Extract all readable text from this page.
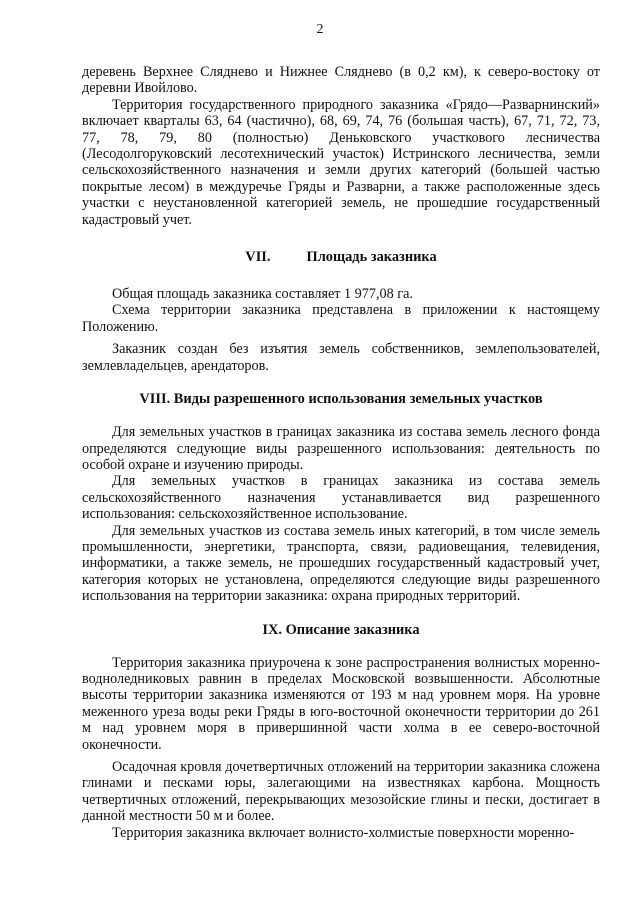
2

деревень Верхнее Сляднево и Нижнее Сляднево (в 0,2 км), к северо-востоку от деревни Ивойлово.

Территория государственного природного заказника «Грядо—Разварнинский» включает кварталы 63, 64 (частично), 68, 69, 74, 76 (большая часть), 67, 71, 72, 73, 77, 78, 79, 80 (полностью) Деньковского участкового лесничества (Лесодолгоруковский лесотехнический участок) Истринского лесничества, земли сельскохозяйственного назначения и земли других категорий (большей частью покрытые лесом) в междуречье Гряды и Разварни, а также расположенные здесь участки с неустановленной категорией земель, не прошедшие государственный кадастровый учет.

VII.	Площадь заказника

Общая площадь заказника составляет 1 977,08 га.

Схема территории заказника представлена в приложении к настоящему Положению.

Заказник создан без изъятия земель собственников, землепользователей, землевладельцев, арендаторов.

VIII. Виды разрешенного использования земельных участков

Для земельных участков в границах заказника из состава земель лесного фонда определяются следующие виды разрешенного использования: деятельность по особой охране и изучению природы.

Для земельных участков в границах заказника из состава земель сельскохозяйственного назначения устанавливается вид разрешенного использования: сельскохозяйственное использование.

Для земельных участков из состава земель иных категорий, в том числе земель промышленности, энергетики, транспорта, связи, радиовещания, телевидения, информатики, а также земель, не прошедших государственный кадастровый учет, категория которых не установлена, определяются следующие виды разрешенного использования на территории заказника: охрана природных территорий.

IX. Описание заказника

Территория заказника приурочена к зоне распространения волнистых моренно-водноледниковых равнин в пределах Московской возвышенности. Абсолютные высоты территории заказника изменяются от 193 м над уровнем моря. На уровне меженного уреза воды реки Гряды в юго-восточной оконечности территории до 261 м над уровнем моря в привершинной части холма в ее северо-восточной оконечности.

Осадочная кровля дочетвертичных отложений на территории заказника сложена глинами и песками юры, залегающими на известняках карбона. Мощность четвертичных отложений, перекрывающих мезозойские глины и пески, достигает в данной местности 50 м и более.

Территория заказника включает волнисто-холмистые поверхности моренно-
